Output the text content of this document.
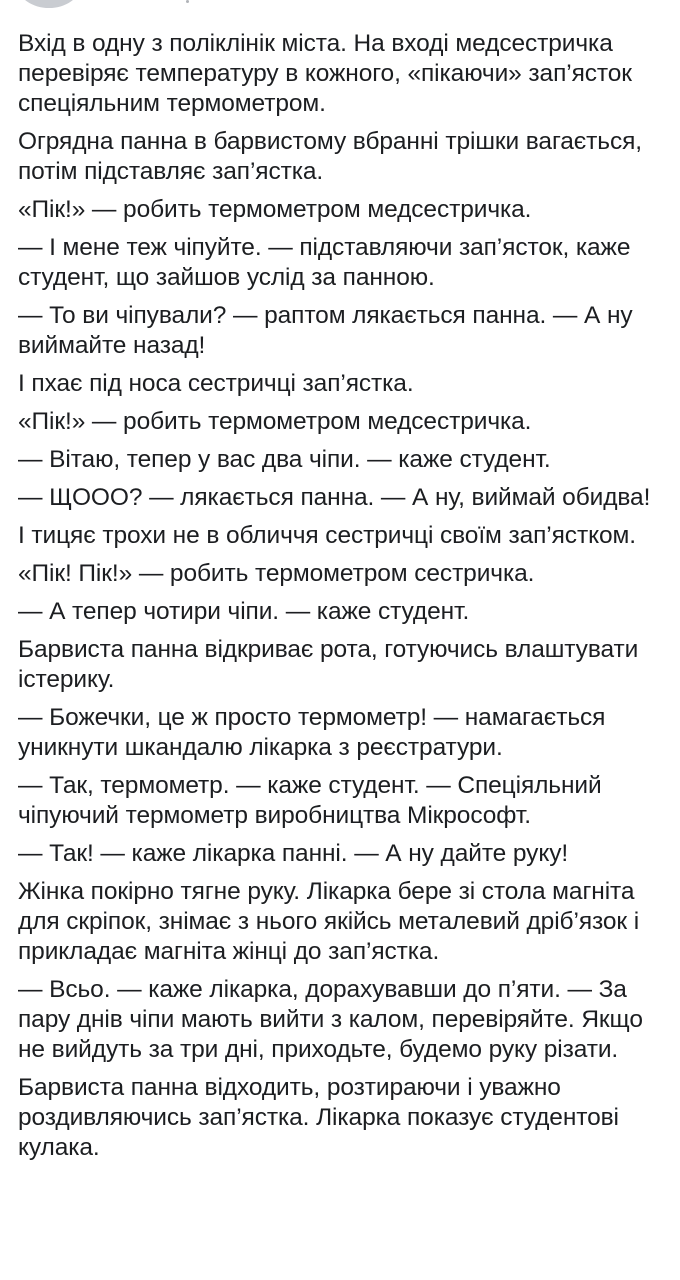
Вхід в одну з поліклінік міста. На вході медсестричка перевіряє температуру в кожного, «пікаючи» зап’ясток спеціяльним термометром.

Огрядна панна в барвистому вбранні трішки вагається, потім підставляє зап’ястка.

«Пік!» — робить термометром медсестричка.

— І мене теж чіпуйте. — підставляючи зап’ясток, каже студент, що зайшов услід за панною.

— То ви чіпували? — раптом лякається панна. — А ну виймайте назад!

І пхає під носа сестричці зап’ястка.

«Пік!» — робить термометром медсестричка.

— Вітаю, тепер у вас два чіпи. — каже студент.

— ЩООО? — лякається панна. — А ну, виймай обидва!

І тицяє трохи не в обличчя сестричці своїм зап’ястком.

«Пік! Пік!» — робить термометром сестричка.

— А тепер чотири чіпи. — каже студент.

Барвиста панна відкриває рота, готуючись влаштувати істерику.

— Божечки, це ж просто термометр! — намагається уникнути шкандалю лікарка з реєстратури.

— Так, термометр. — каже студент. — Спеціяльний чіпуючий термометр виробництва Мікрософт.

— Так! — каже лікарка панні. — А ну дайте руку!

Жінка покірно тягне руку. Лікарка бере зі стола магніта для скріпок, знімає з нього якійсь металевий дріб’язок і прикладає магніта жінці до зап’ястка.

— Всьо. — каже лікарка, дорахувавши до п’яти. — За пару днів чіпи мають вийти з калом, перевіряйте. Якщо не вийдуть за три дні, приходьте, будемо руку різати.

Барвиста панна відходить, розтираючи і уважно роздивляючись зап’ястка. Лікарка показує студентові кулака.
